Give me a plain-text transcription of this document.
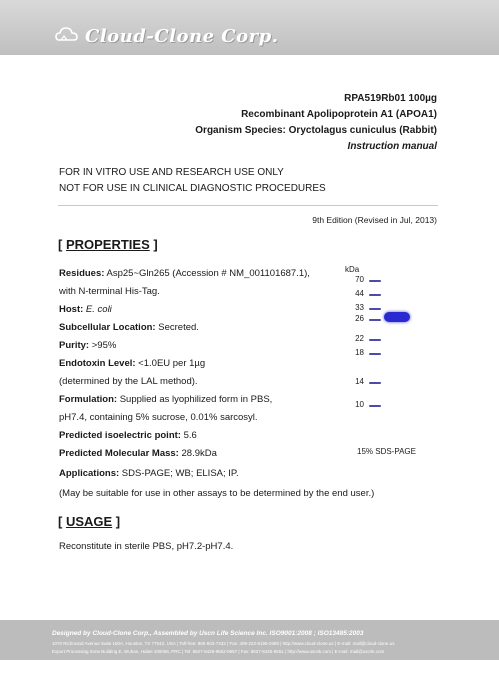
Cloud-Clone Corp.
RPA519Rb01 100µg
Recombinant Apolipoprotein A1 (APOA1)
Organism Species: Oryctolagus cuniculus (Rabbit)
Instruction manual
FOR IN VITRO USE AND RESEARCH USE ONLY
NOT FOR USE IN CLINICAL DIAGNOSTIC PROCEDURES
9th Edition (Revised in Jul, 2013)
[ PROPERTIES ]
Residues: Asp25~Gln265 (Accession # NM_001101687.1),
with N-terminal His-Tag.
Host: E. coli
Subcellular Location: Secreted.
Purity: >95%
Endotoxin Level: <1.0EU per 1µg
(determined by the LAL method).
Formulation: Supplied as lyophilized form in PBS,
pH7.4, containing 5% sucrose, 0.01% sarcosyl.
Predicted isoelectric point: 5.6
Predicted Molecular Mass: 28.9kDa
Applications: SDS-PAGE; WB; ELISA; IP.
(May be suitable for use in other assays to be determined by the end user.)
kDa
70
44
33
26
22
18
14
10
15% SDS-PAGE
[ USAGE ]
Reconstitute in sterile PBS, pH7.2-pH7.4.
Designed by Cloud-Clone Corp., Assembled by Uscn Life Science Inc. ISO9001:2008 ; ISO13485:2003
1070 Richmond Avenue Suite 150A, Houston, TX 77042, USA | Toll-free: 800-603-7432 | Fax: 409-222-5196-0380 | http://www.cloud-clone.us | E-mail: mail@cloud-clone.us
Export Processing Zone Building E, Wuhan, Hubei 430056, PRC | Tel: 8627-8425-9552-0657 | Fax: 8627-8425-9551 | http://www.uscnk.com | E-mail: mail@uscnk.com
